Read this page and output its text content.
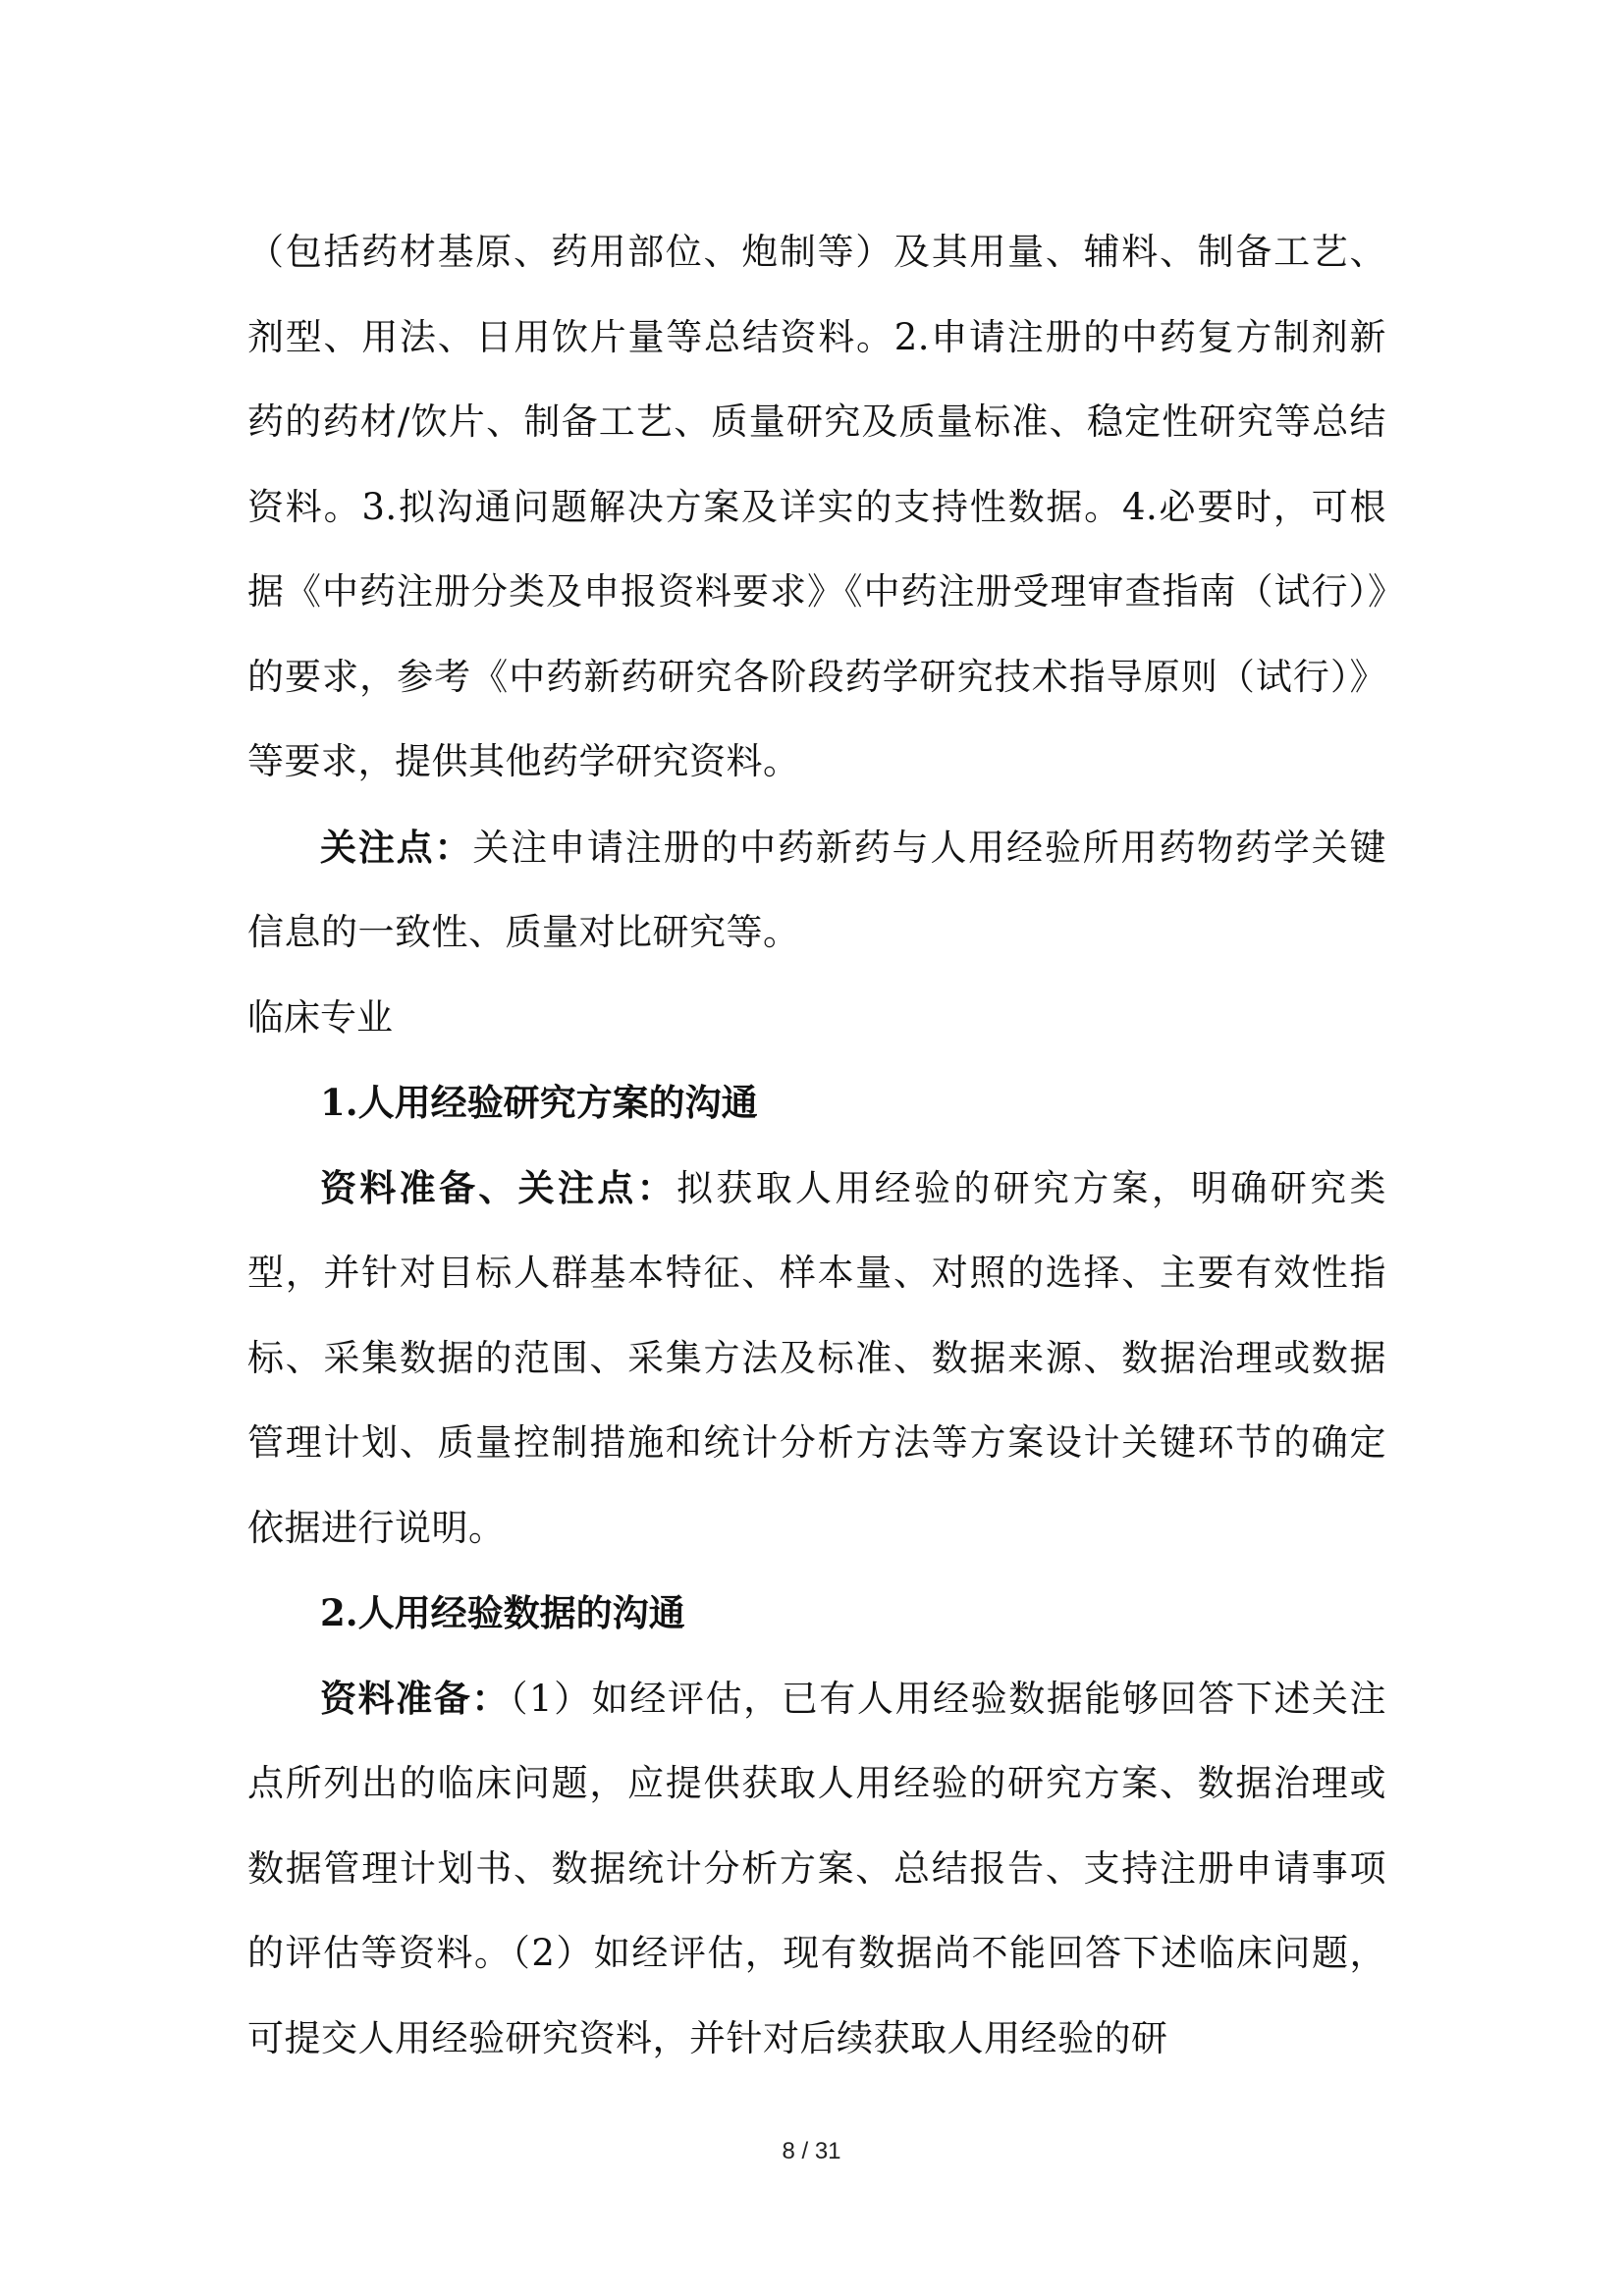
（包括药材基原、药用部位、炮制等）及其用量、辅料、制备工艺、剂型、用法、日用饮片量等总结资料。2.申请注册的中药复方制剂新药的药材/饮片、制备工艺、质量研究及质量标准、稳定性研究等总结资料。3.拟沟通问题解决方案及详实的支持性数据。4.必要时，可根据《中药注册分类及申报资料要求》《中药注册受理审查指南（试行）》的要求，参考《中药新药研究各阶段药学研究技术指导原则（试行）》等要求，提供其他药学研究资料。

关注点：关注申请注册的中药新药与人用经验所用药物药学关键信息的一致性、质量对比研究等。

临床专业

1.人用经验研究方案的沟通

资料准备、关注点：拟获取人用经验的研究方案，明确研究类型，并针对目标人群基本特征、样本量、对照的选择、主要有效性指标、采集数据的范围、采集方法及标准、数据来源、数据治理或数据管理计划、质量控制措施和统计分析方法等方案设计关键环节的确定依据进行说明。

2.人用经验数据的沟通

资料准备：（1）如经评估，已有人用经验数据能够回答下述关注点所列出的临床问题，应提供获取人用经验的研究方案、数据治理或数据管理计划书、数据统计分析方案、总结报告、支持注册申请事项的评估等资料。（2）如经评估，现有数据尚不能回答下述临床问题，可提交人用经验研究资料，并针对后续获取人用经验的研

8 / 31
